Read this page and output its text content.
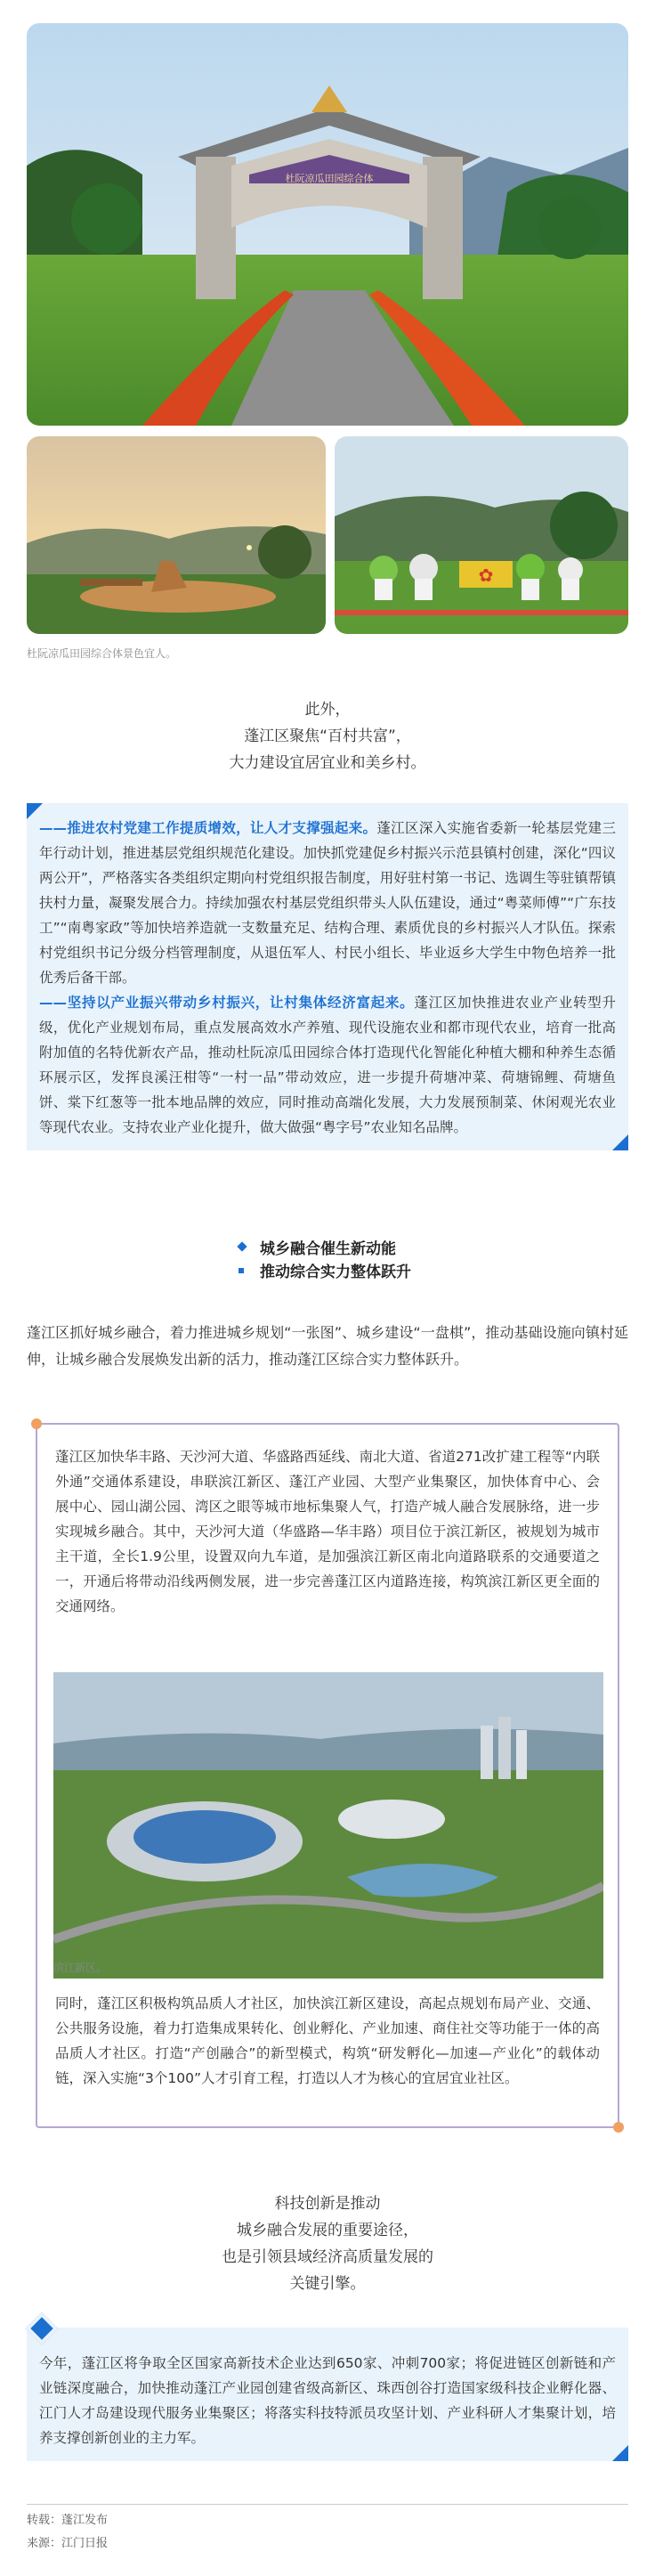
杜阮凉瓜田园综合体
✿
杜阮凉瓜田园综合体景色宜人。
此外，
蓬江区聚焦“百村共富”，
大力建设宜居宜业和美乡村。
——推进农村党建工作提质增效，让人才支撑强起来。蓬江区深入实施省委新一轮基层党建三年行动计划，推进基层党组织规范化建设。加快抓党建促乡村振兴示范县镇村创建，深化“四议两公开”，严格落实各类组织定期向村党组织报告制度，用好驻村第一书记、选调生等驻镇帮镇扶村力量，凝聚发展合力。持续加强农村基层党组织带头人队伍建设，通过“粤菜师傅”“广东技工”“南粤家政”等加快培养造就一支数量充足、结构合理、素质优良的乡村振兴人才队伍。探索村党组织书记分级分档管理制度，从退伍军人、村民小组长、毕业返乡大学生中物色培养一批优秀后备干部。
——坚持以产业振兴带动乡村振兴，让村集体经济富起来。蓬江区加快推进农业产业转型升级，优化产业规划布局，重点发展高效水产养殖、现代设施农业和都市现代农业，培育一批高附加值的名特优新农产品，推动杜阮凉瓜田园综合体打造现代化智能化种植大棚和种养生态循环展示区，发挥良溪汪柑等“一村一品”带动效应，进一步提升荷塘冲菜、荷塘锦鲤、荷塘鱼饼、棠下红葱等一批本地品牌的效应，同时推动高端化发展，大力发展预制菜、休闲观光农业等现代农业。支持农业产业化提升，做大做强“粤字号”农业知名品牌。
城乡融合催生新动能
推动综合实力整体跃升
蓬江区抓好城乡融合，着力推进城乡规划“一张图”、城乡建设“一盘棋”，推动基础设施向镇村延伸，让城乡融合发展焕发出新的活力，推动蓬江区综合实力整体跃升。
蓬江区加快华丰路、天沙河大道、华盛路西延线、南北大道、省道271改扩建工程等“内联外通”交通体系建设，串联滨江新区、蓬江产业园、大型产业集聚区，加快体育中心、会展中心、园山湖公园、湾区之眼等城市地标集聚人气，打造产城人融合发展脉络，进一步实现城乡融合。其中，天沙河大道（华盛路—华丰路）项目位于滨江新区，被规划为城市主干道，全长1.9公里，设置双向九车道，是加强滨江新区南北向道路联系的交通要道之一，开通后将带动沿线两侧发展，进一步完善蓬江区内道路连接，构筑滨江新区更全面的交通网络。
滨江新区。
同时，蓬江区积极构筑品质人才社区，加快滨江新区建设，高起点规划布局产业、交通、公共服务设施，着力打造集成果转化、创业孵化、产业加速、商住社交等功能于一体的高品质人才社区。打造“产创融合”的新型模式，构筑“研发孵化—加速—产业化”的载体动链，深入实施“3个100”人才引育工程，打造以人才为核心的宜居宜业社区。
科技创新是推动
城乡融合发展的重要途径，
也是引领县域经济高质量发展的
关键引擎。
今年，蓬江区将争取全区国家高新技术企业达到650家、冲刺700家；将促进链区创新链和产业链深度融合，加快推动蓬江产业园创建省级高新区、珠西创谷打造国家级科技企业孵化器、江门人才岛建设现代服务业集聚区；将落实科技特派员攻坚计划、产业科研人才集聚计划，培养支撑创新创业的主力军。
转载：蓬江发布
来源：江门日报
